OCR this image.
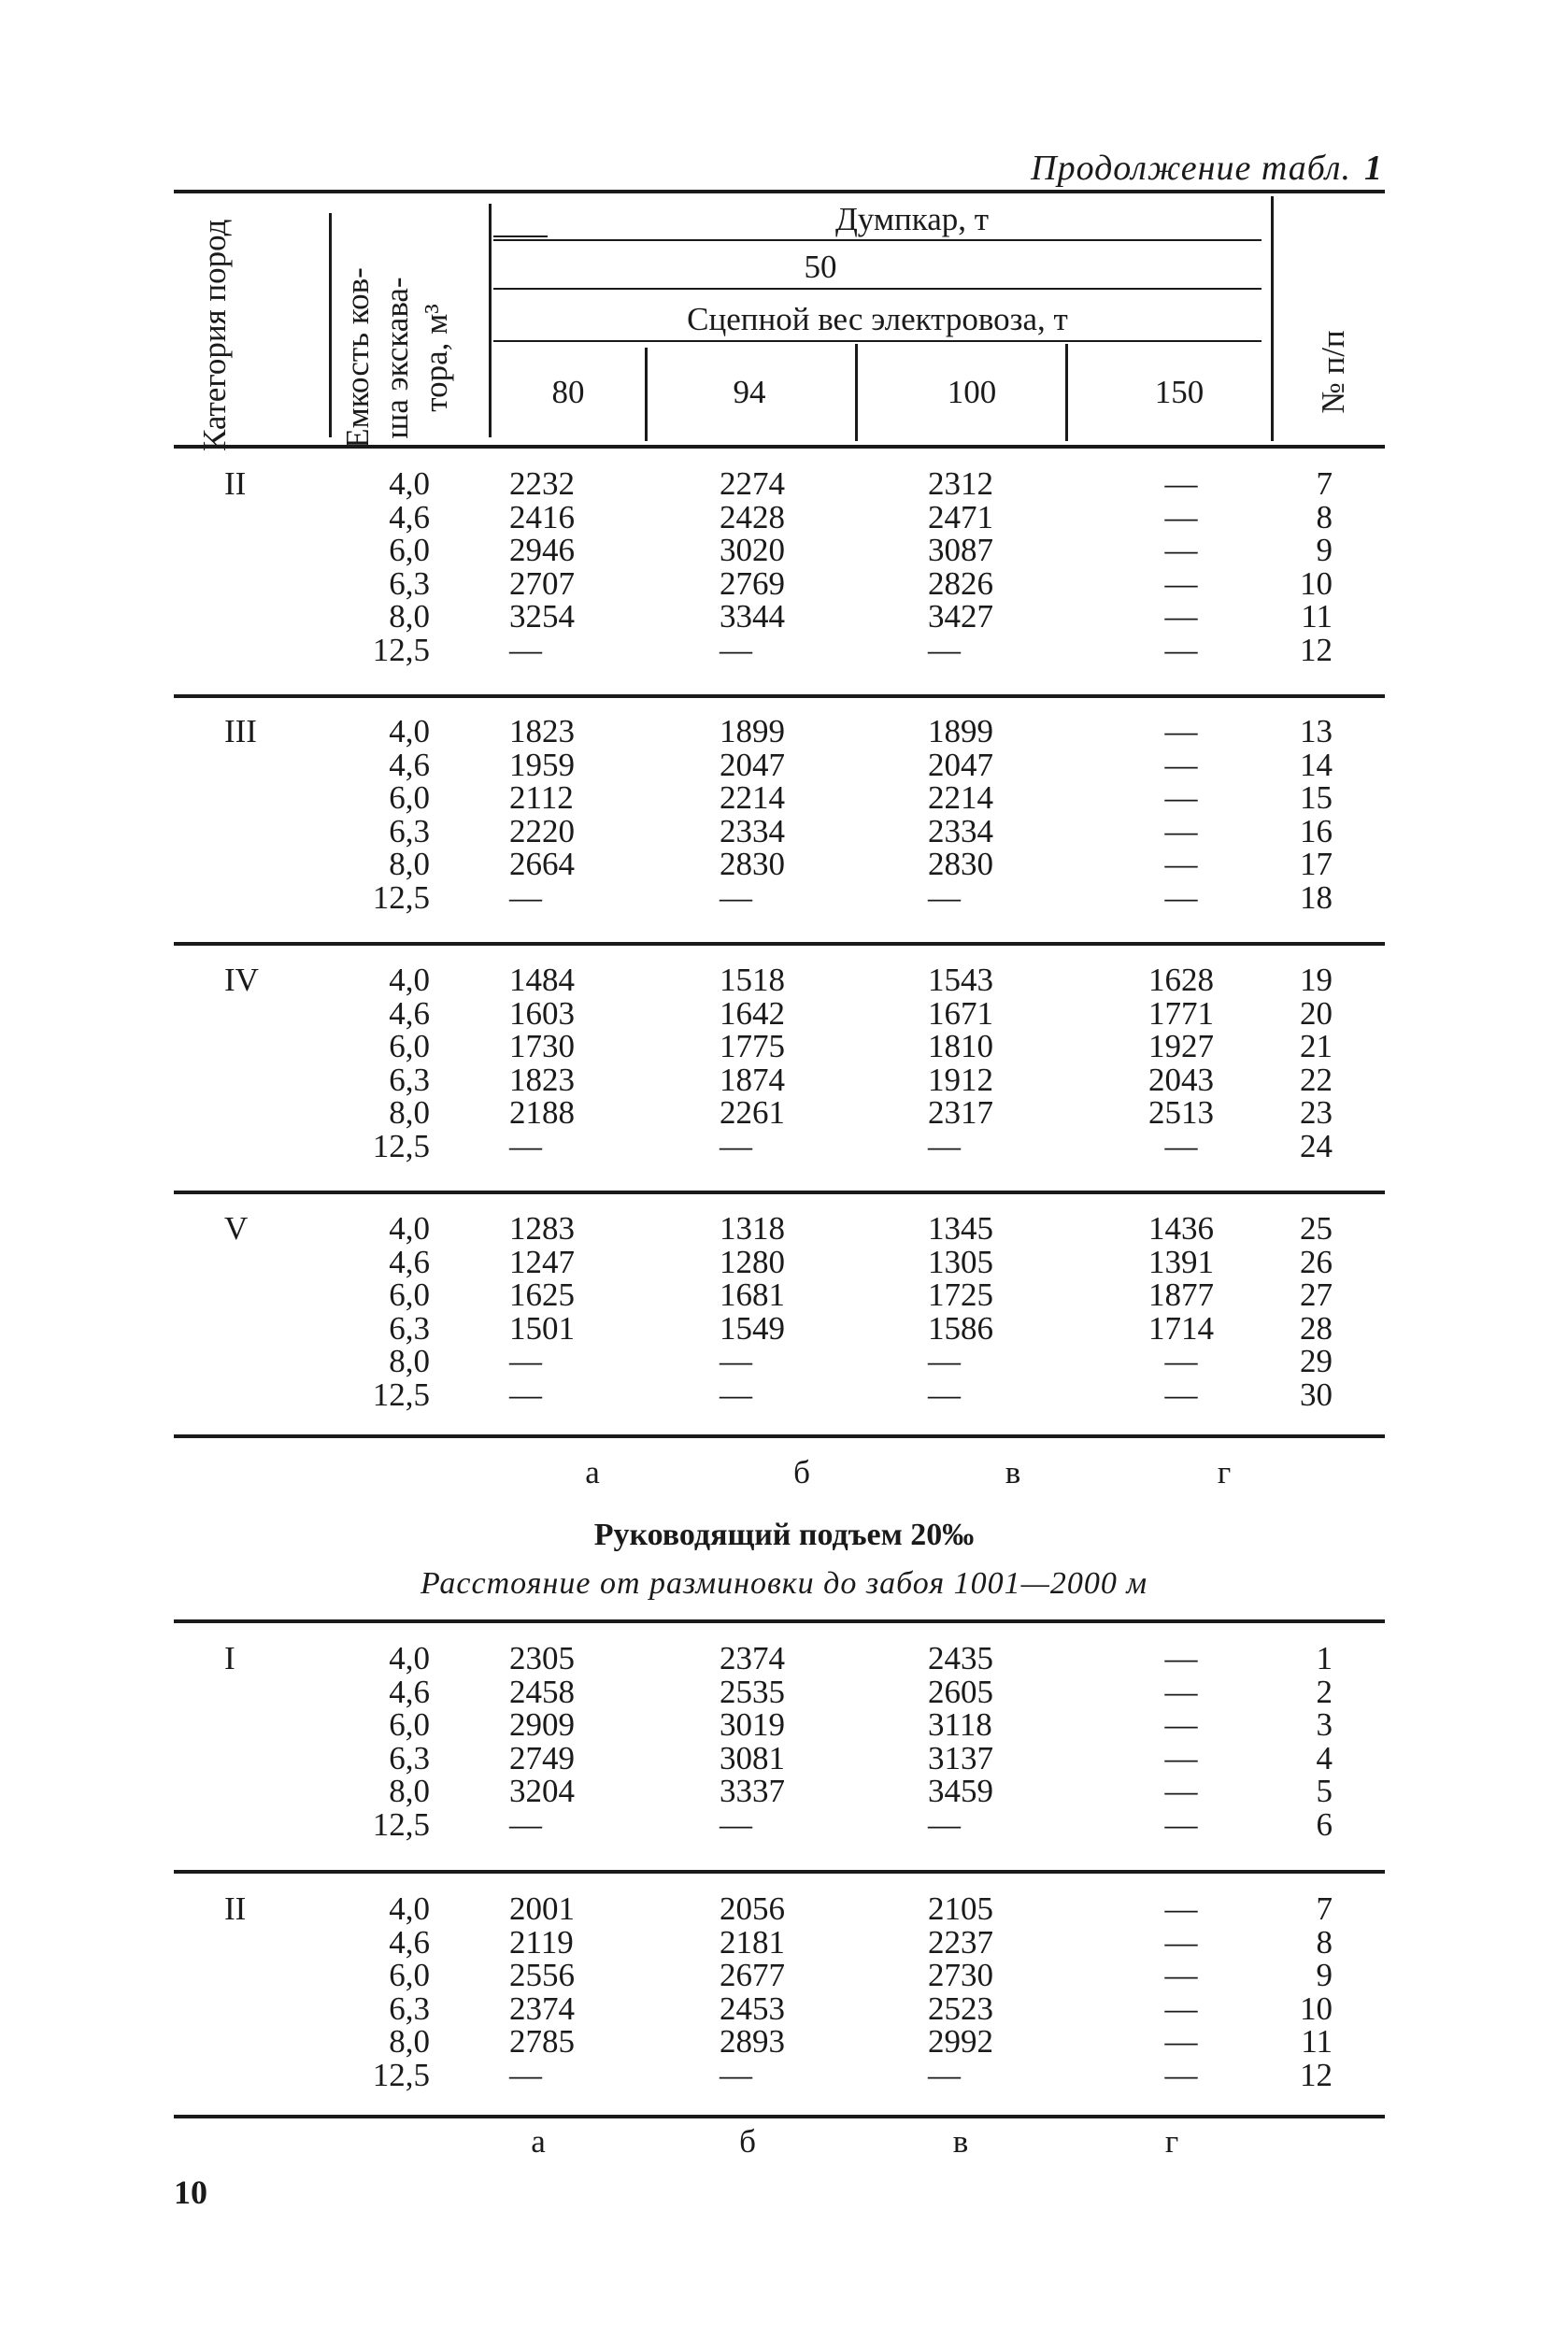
Продолжение табл. 1
Категория пород	Емкость ков- ша экскава- тора, м³
Думпкар, т
50
Сцепной вес электровоза, т
80	94	100	150	№ п/п
II	4,0 2232	2274	2312	—	7
4,6 2416	2428	2471	—	8
6,0 2946	3020	3087	—	9
6,3 2707	2769	2826	—	10
8,0 3254	3344	3427	—	11
12,5 —	—	—	—	12
III	4,0 1823	1899	1899	—	13
4,6 1959	2047	2047	—	14
6,0 2112	2214	2214	—	15
6,3 2220	2334	2334	—	16
8,0 2664	2830	2830	—	17
12,5 —	—	—	—	18
IV	4,0 1484	1518	1543	1628	19
4,6 1603	1642	1671	1771	20
6,0 1730	1775	1810	1927	21
6,3 1823	1874	1912	2043	22
8,0 2188	2261	2317	2513	23
12,5 —	—	—	—	24
V	4,0 1283	1318	1345	1436	25
4,6 1247	1280	1305	1391	26
6,0 1625	1681	1725	1877	27
6,3 1501	1549	1586	1714	28
8,0 —	—	—	—	29
12,5 —	—	—	—	30
а	б	в	г
Руководящий подъем 20‰
Расстояние от разминовки до забоя 1001—2000 м
I	4,0 2305	2374	2435	—	1
4,6 2458	2535	2605	—	2
6,0 2909	3019	3118	—	3
6,3 2749	3081	3137	—	4
8,0 3204	3337	3459	—	5
12,5 —	—	—	—	6
II	4,0 2001	2056	2105	—	7
4,6 2119	2181	2237	—	8
6,0 2556	2677	2730	—	9
6,3 2374	2453	2523	—	10
8,0 2785	2893	2992	—	11
12,5 —	—	—	—	12
а	б	в	г
10
